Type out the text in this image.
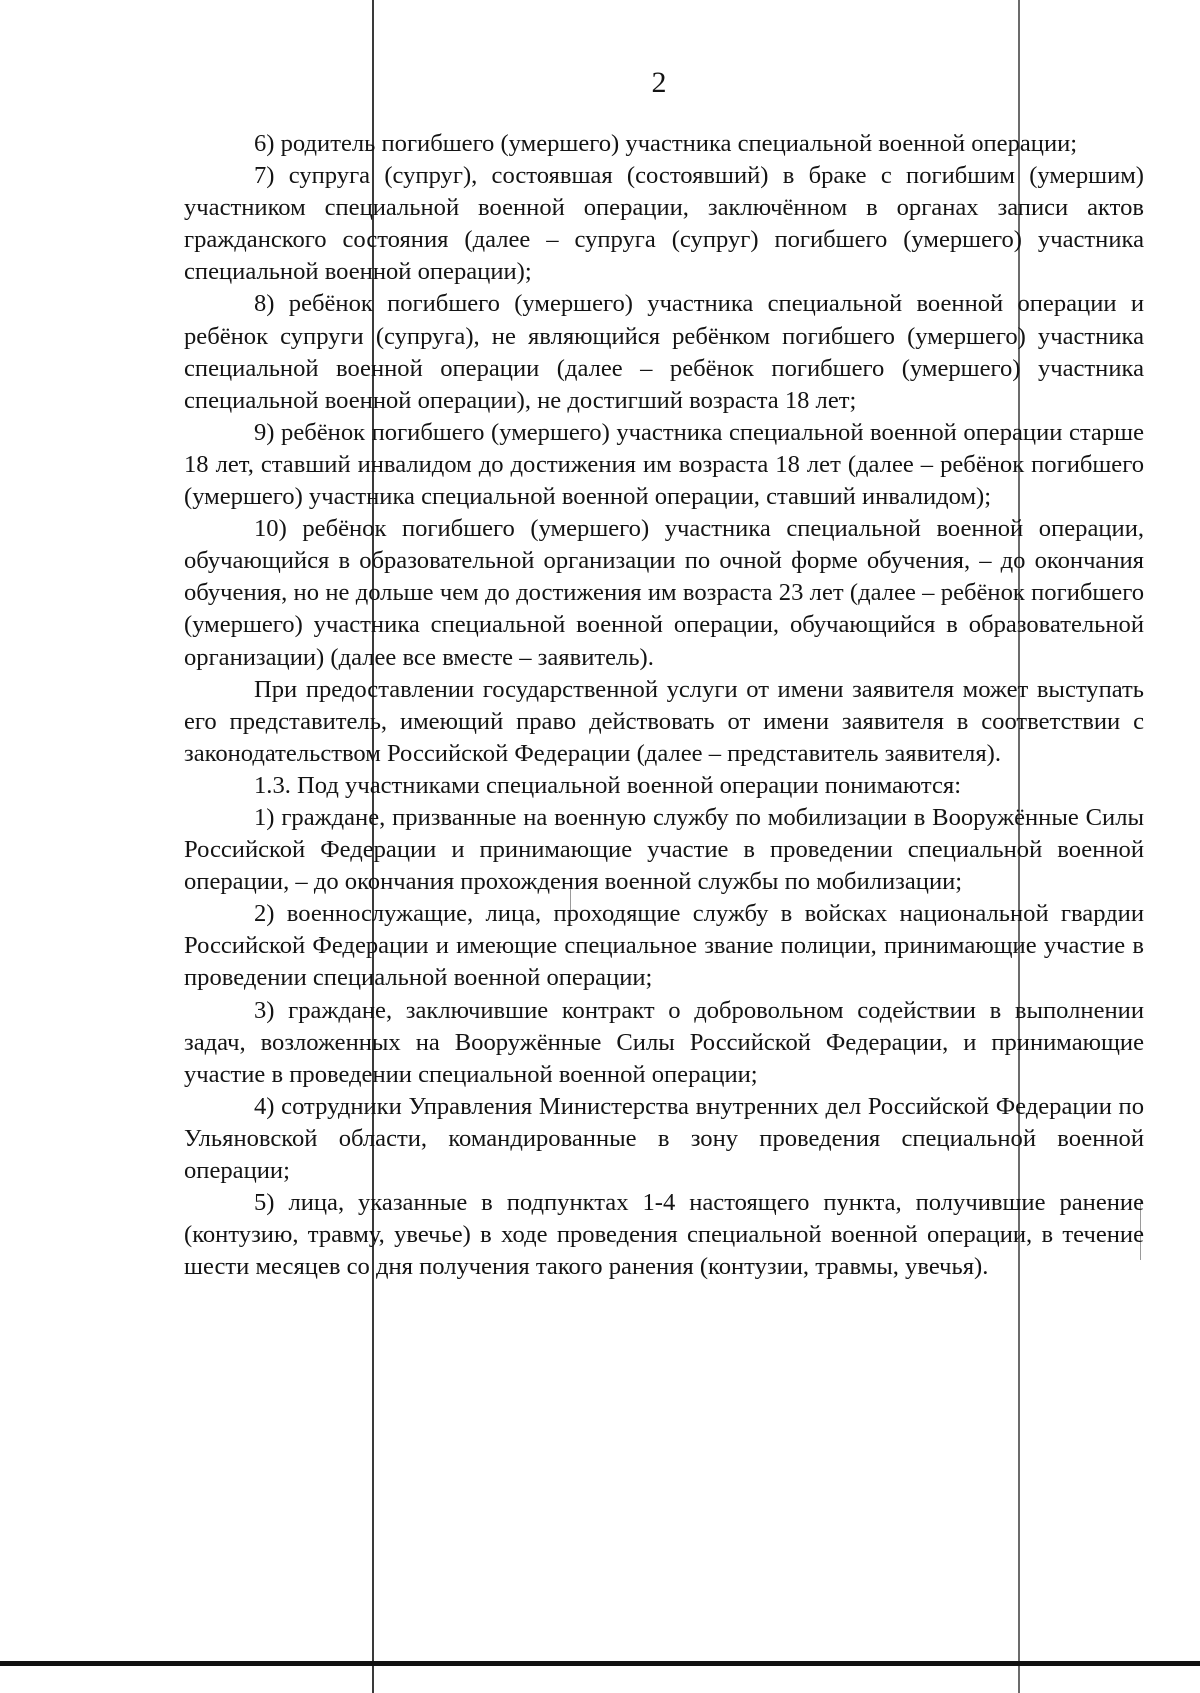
2

6) родитель погибшего (умершего) участника специальной военной операции;

7) супруга (супруг), состоявшая (состоявший) в браке с погибшим (умершим) участником специальной военной операции, заключённом в органах записи актов гражданского состояния (далее – супруга (супруг) погибшего (умершего) участника специальной военной операции);

8) ребёнок погибшего (умершего) участника специальной военной операции и ребёнок супруги (супруга), не являющийся ребёнком погибшего (умершего) участника специальной военной операции (далее – ребёнок погибшего (умершего) участника специальной военной операции), не достигший возраста 18 лет;

9) ребёнок погибшего (умершего) участника специальной военной операции старше 18 лет, ставший инвалидом до достижения им возраста 18 лет (далее – ребёнок погибшего (умершего) участника специальной военной операции, ставший инвалидом);

10) ребёнок погибшего (умершего) участника специальной военной операции, обучающийся в образовательной организации по очной форме обучения, – до окончания обучения, но не дольше чем до достижения им возраста 23 лет (далее – ребёнок погибшего (умершего) участника специальной военной операции, обучающийся в образовательной организации) (далее все вместе – заявитель).

При предоставлении государственной услуги от имени заявителя может выступать его представитель, имеющий право действовать от имени заявителя в соответствии с законодательством Российской Федерации (далее – представитель заявителя).

1.3. Под участниками специальной военной операции понимаются:

1) граждане, призванные на военную службу по мобилизации в Вооружённые Силы Российской Федерации и принимающие участие в проведении специальной военной операции, – до окончания прохождения военной службы по мобилизации;

2) военнослужащие, лица, проходящие службу в войсках национальной гвардии Российской Федерации и имеющие специальное звание полиции, принимающие участие в проведении специальной военной операции;

3) граждане, заключившие контракт о добровольном содействии в выполнении задач, возложенных на Вооружённые Силы Российской Федерации, и принимающие участие в проведении специальной военной операции;

4) сотрудники Управления Министерства внутренних дел Российской Федерации по Ульяновской области, командированные в зону проведения специальной военной операции;

5) лица, указанные в подпунктах 1-4 настоящего пункта, получившие ранение (контузию, травму, увечье) в ходе проведения специальной военной операции, в течение шести месяцев со дня получения такого ранения (контузии, травмы, увечья).
